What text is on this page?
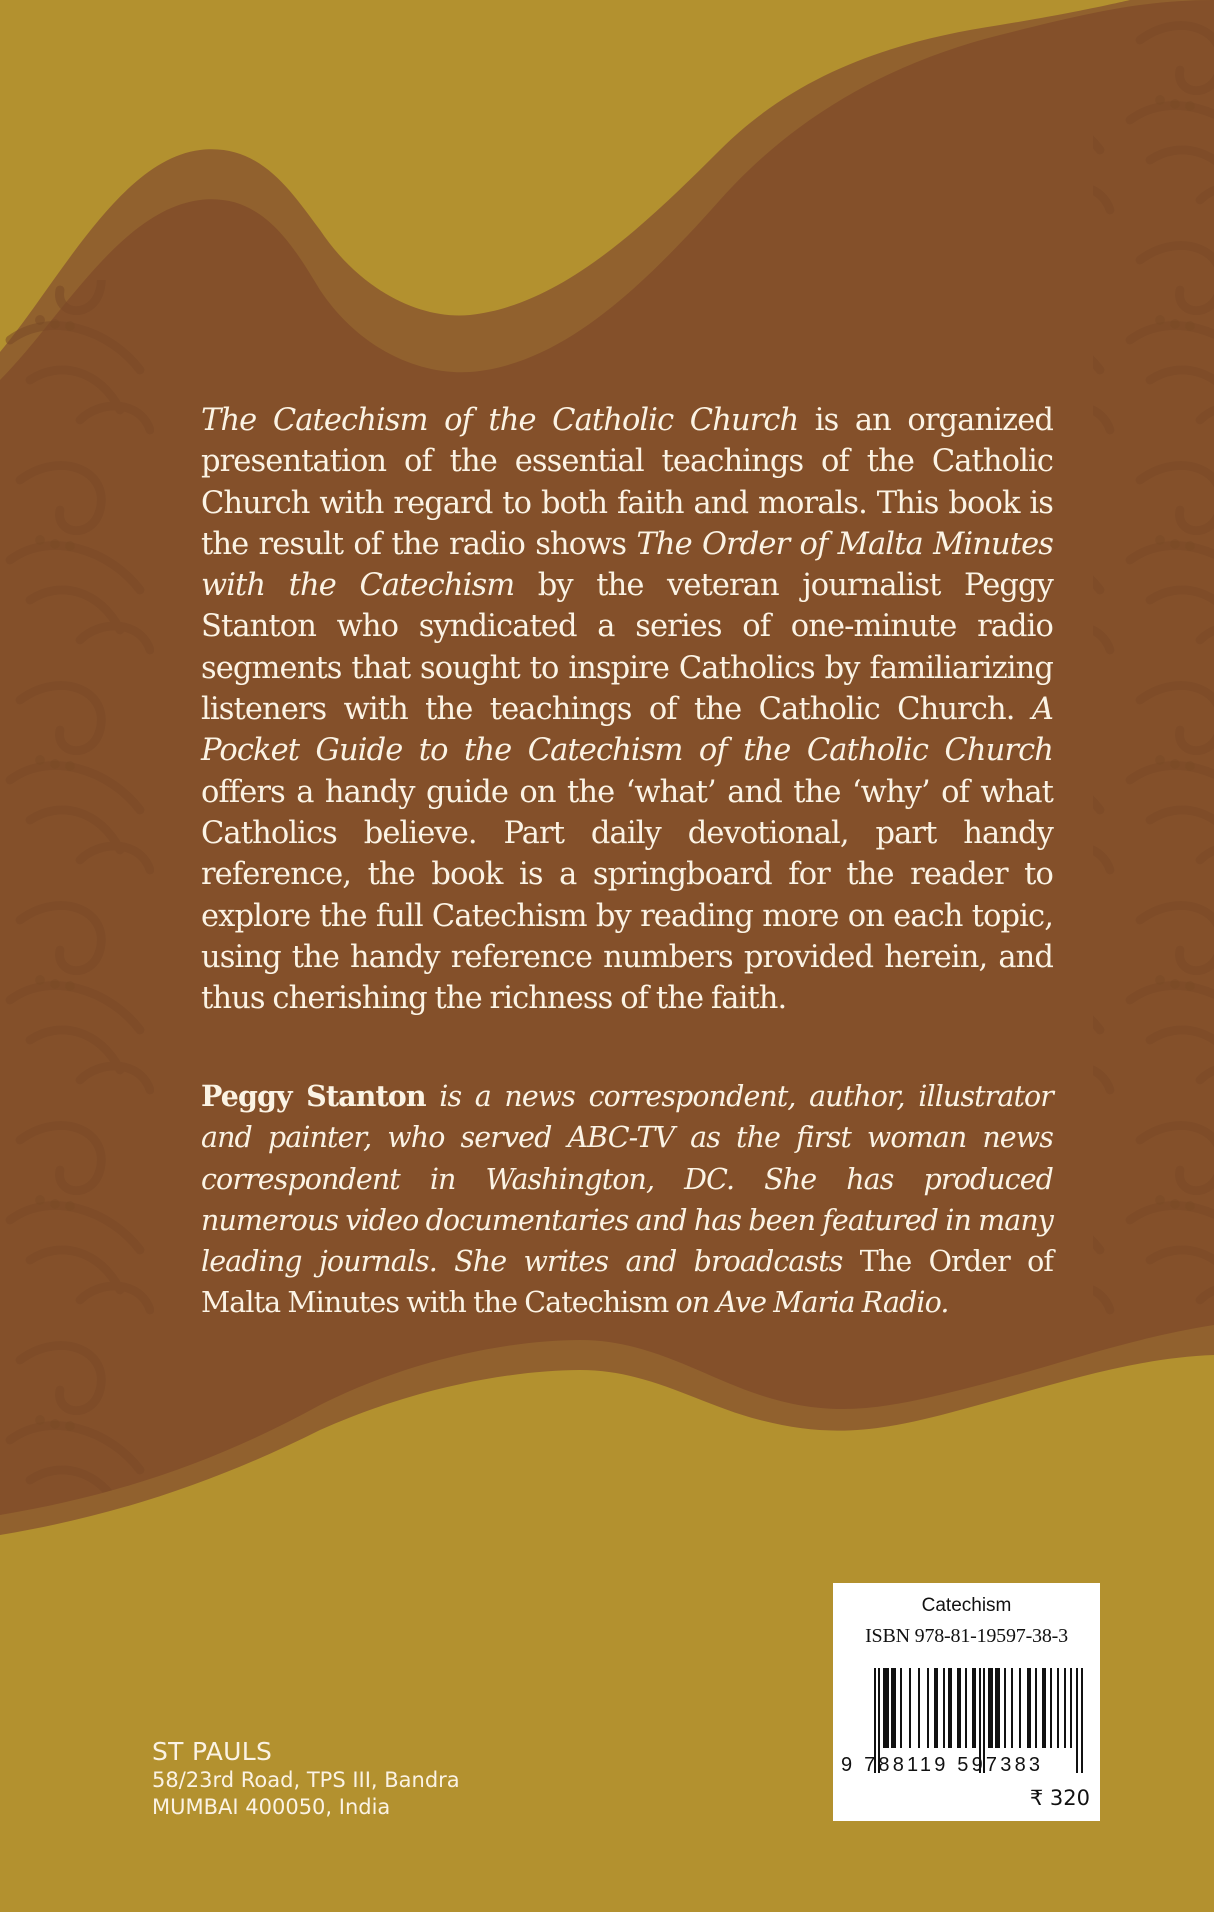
The Catechism of the Catholic Church is an organized presentation of the essential teachings of the Catholic Church with regard to both faith and morals. This book is the result of the radio shows The Order of Malta Minutes with the Catechism by the veteran journalist Peggy Stanton who syndicated a series of one-minute radio segments that sought to inspire Catholics by familiarizing listeners with the teachings of the Catholic Church. A Pocket Guide to the Catechism of the Catholic Church offers a handy guide on the ‘what’ and the ‘why’ of what Catholics believe. Part daily devotional, part handy reference, the book is a springboard for the reader to explore the full Catechism by reading more on each topic, using the handy reference numbers provided herein, and thus cherishing the richness of the faith.

Peggy Stanton is a news correspondent, author, illustrator and painter, who served ABC-TV as the first woman news correspondent in Washington, DC. She has produced numerous video documentaries and has been featured in many leading journals. She writes and broadcasts The Order of Malta Minutes with the Catechism on Ave Maria Radio.

ST PAULS
58/23rd Road, TPS III, Bandra
MUMBAI 400050, India
Catechism
ISBN 978-81-19597-38-3
9 788119 597383
₹ 320
